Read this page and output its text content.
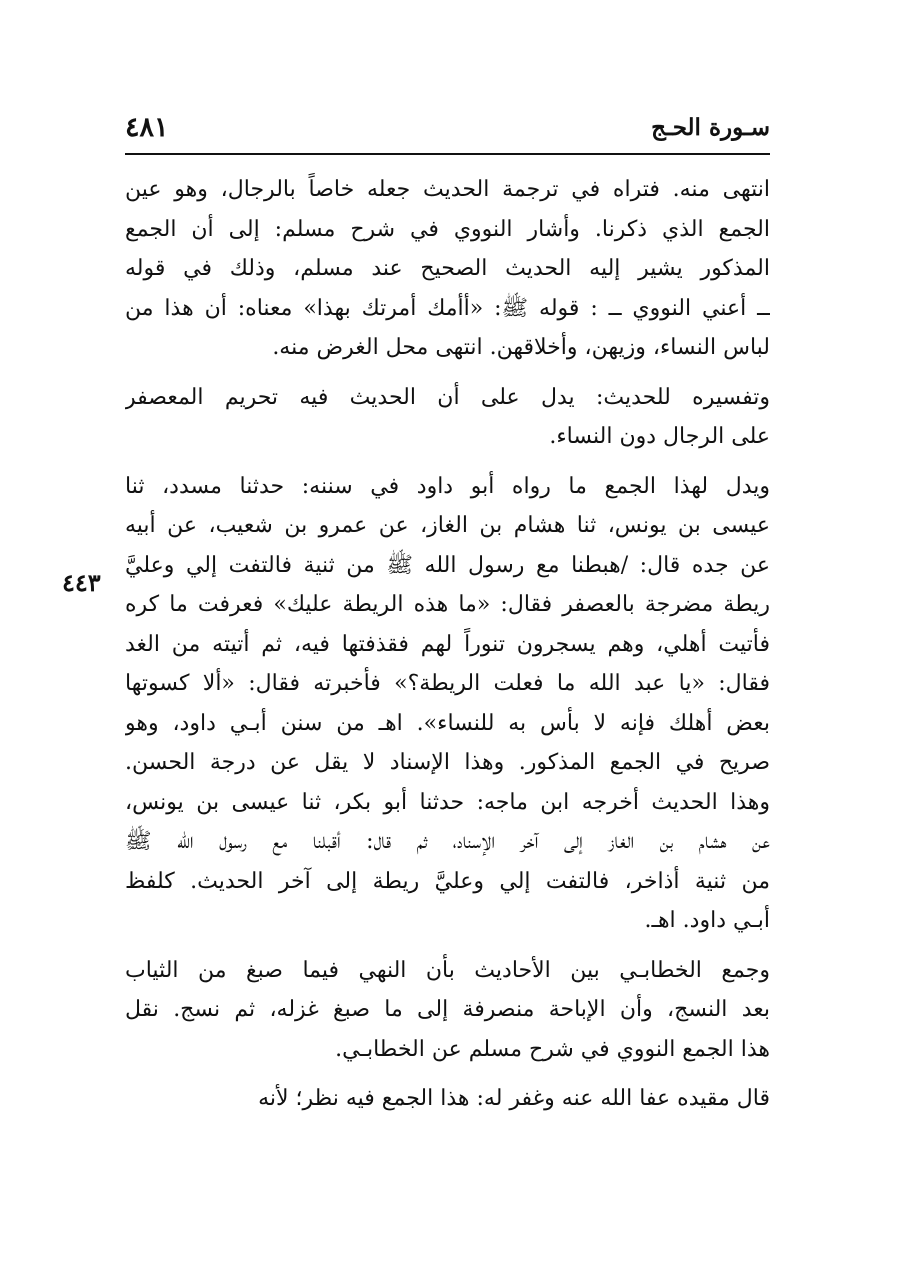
٤٨١	سـورة الحـج
٤٤٣
انتهى منه. فتراه في ترجمة الحديث جعله خاصاً بالرجال، وهو عين
الجمع الذي ذكرنا. وأشار النووي في شرح مسلم: إلى أن الجمع
المذكور يشير إليه الحديث الصحيح عند مسلم، وذلك في قوله
ــ أعني النووي ــ : قوله ﷺ: «أأمك أمرتك بهذا» معناه: أن هذا من
لباس النساء، وزيهن، وأخلاقهن. انتهى محل الغرض منه.
وتفسيره للحديث: يدل على أن الحديث فيه تحريم المعصفر
على الرجال دون النساء.
ويدل لهذا الجمع ما رواه أبو داود في سننه: حدثنا مسدد، ثنا
عيسى بن يونس، ثنا هشام بن الغاز، عن عمرو بن شعيب، عن أبيه
عن جده قال: /هبطنا مع رسول الله ﷺ من ثنية فالتفت إلي وعليَّ
ريطة مضرجة بالعصفر فقال: «ما هذه الريطة عليك» فعرفت ما كره
فأتيت أهلي، وهم يسجرون تنوراً لهم فقذفتها فيه، ثم أتيته من الغد
فقال: «يا عبد الله ما فعلت الريطة؟» فأخبرته فقال: «ألا كسوتها
بعض أهلك فإنه لا بأس به للنساء». اهـ من سنن أبـي داود، وهو
صريح في الجمع المذكور. وهذا الإسناد لا يقل عن درجة الحسن.
وهذا الحديث أخرجه ابن ماجه: حدثنا أبو بكر، ثنا عيسى بن يونس،
عن هشام بن الغاز إلى آخر الإسناد، ثم قال: أقبلنا مع رسول الله ﷺ
من ثنية أذاخر، فالتفت إلي وعليَّ ريطة إلى آخر الحديث. كلفظ
أبـي داود. اهـ.
وجمع الخطابـي بين الأحاديث بأن النهي فيما صبغ من الثياب
بعد النسج، وأن الإباحة منصرفة إلى ما صبغ غزله، ثم نسج. نقل
هذا الجمع النووي في شرح مسلم عن الخطابـي.
قال مقيده عفا الله عنه وغفر له: هذا الجمع فيه نظر؛ لأنه
